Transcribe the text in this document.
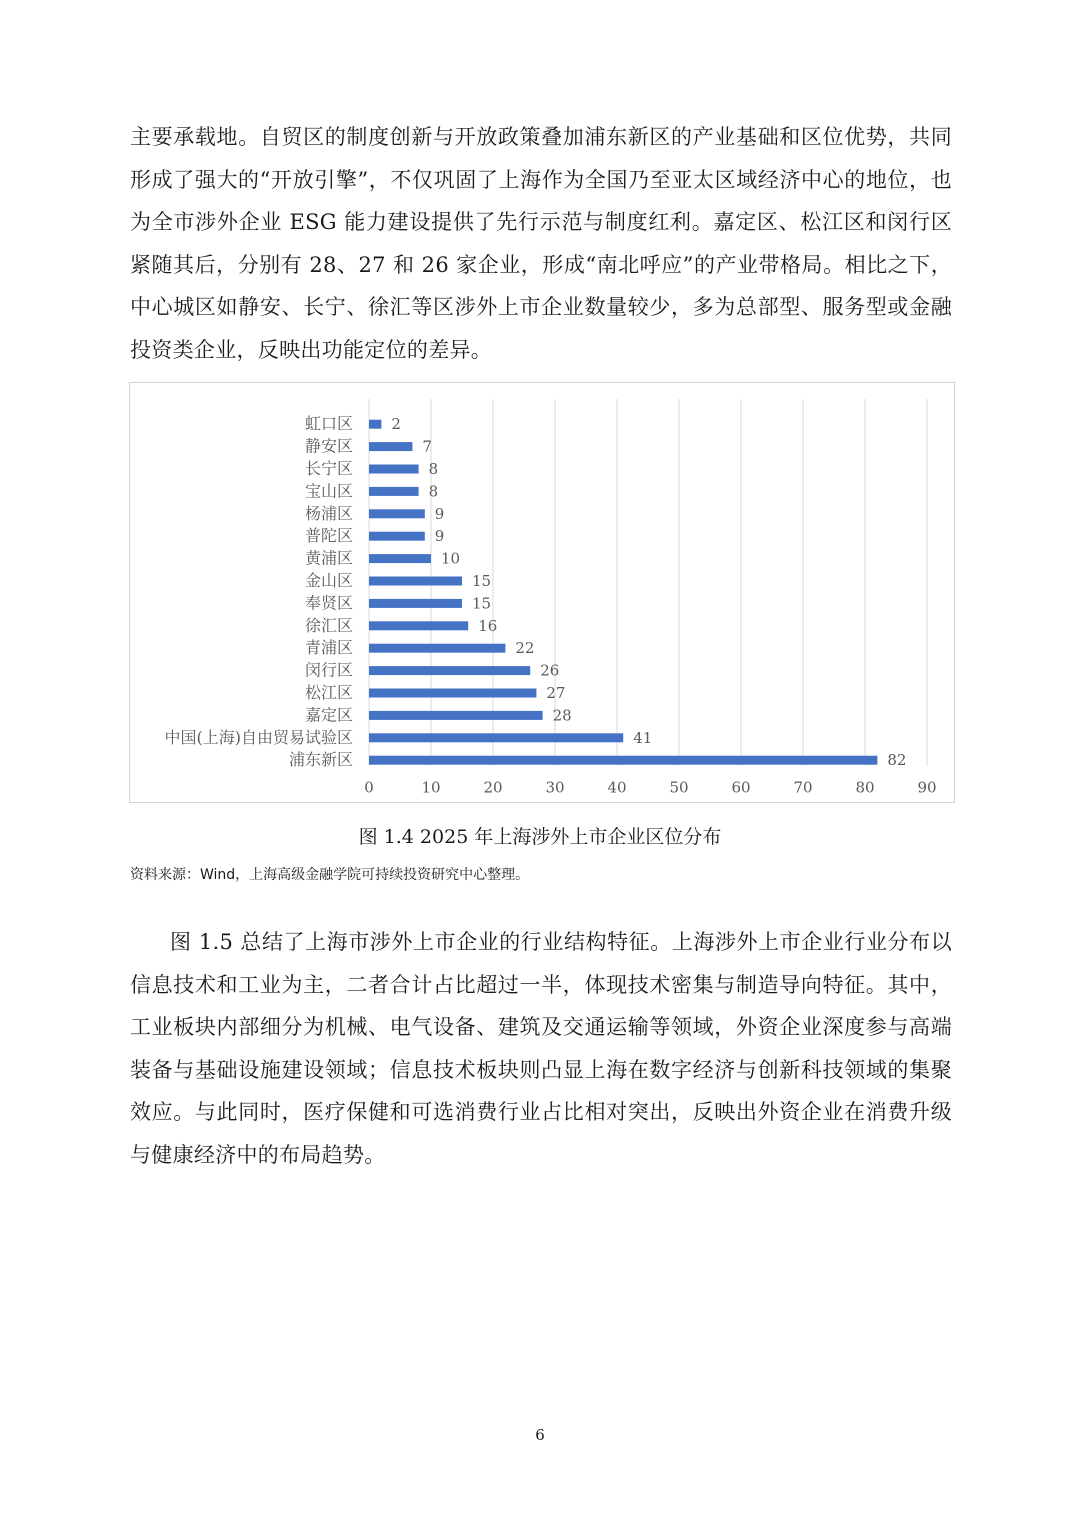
主要承载地。自贸区的制度创新与开放政策叠加浦东新区的产业基础和区位优势，共同形成了强大的“开放引擎”，不仅巩固了上海作为全国乃至亚太区域经济中心的地位，也为全市涉外企业 ESG 能力建设提供了先行示范与制度红利。嘉定区、松江区和闵行区紧随其后，分别有 28、27 和 26 家企业，形成“南北呼应”的产业带格局。相比之下，中心城区如静安、长宁、徐汇等区涉外上市企业数量较少，多为总部型、服务型或金融投资类企业，反映出功能定位的差异。

0	10	20	30	40	50	60	70	80	90
虹口区	2
静安区	7
长宁区	8
宝山区	8
杨浦区	9
普陀区	9
黄浦区	10
金山区	15
奉贤区	15
徐汇区	16
青浦区	22
闵行区	26
松江区	27
嘉定区	28
中国(上海)自由贸易试验区	41
浦东新区	82

图 1.4 2025 年上海涉外上市企业区位分布

资料来源：Wind，上海高级金融学院可持续投资研究中心整理。

图 1.5 总结了上海市涉外上市企业的行业结构特征。上海涉外上市企业行业分布以信息技术和工业为主，二者合计占比超过一半，体现技术密集与制造导向特征。其中，工业板块内部细分为机械、电气设备、建筑及交通运输等领域，外资企业深度参与高端装备与基础设施建设领域；信息技术板块则凸显上海在数字经济与创新科技领域的集聚效应。与此同时，医疗保健和可选消费行业占比相对突出，反映出外资企业在消费升级与健康经济中的布局趋势。

6
